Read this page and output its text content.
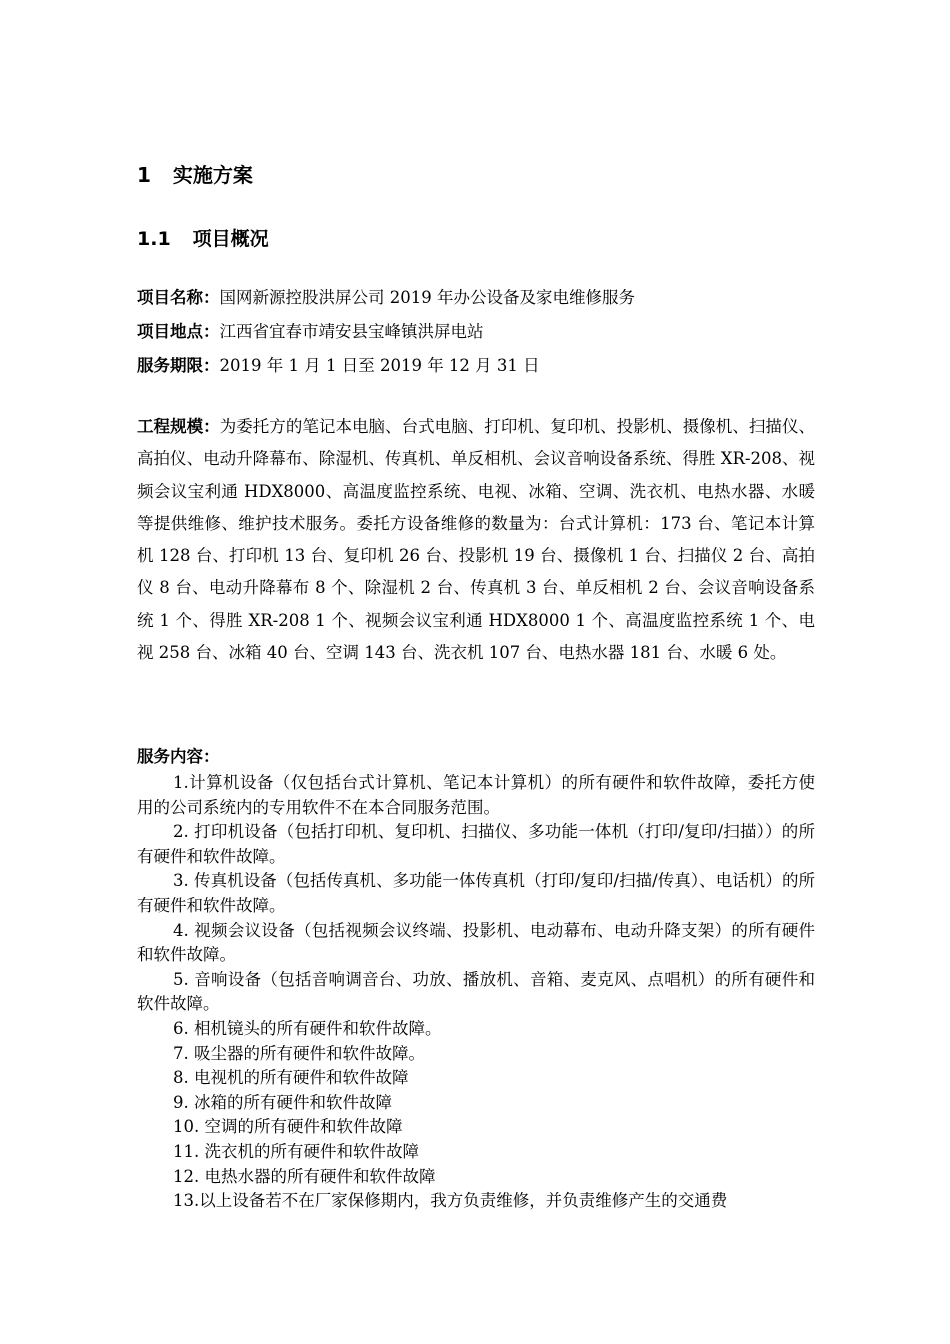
1 实施方案
1.1 项目概况
项目名称：国网新源控股洪屏公司 2019 年办公设备及家电维修服务
项目地点：江西省宜春市靖安县宝峰镇洪屏电站
服务期限：2019 年 1 月 1 日至 2019 年 12 月 31 日
工程规模：为委托方的笔记本电脑、台式电脑、打印机、复印机、投影机、摄像机、扫描仪、高拍仪、电动升降幕布、除湿机、传真机、单反相机、会议音响设备系统、得胜 XR-208、视频会议宝利通 HDX8000、高温度监控系统、电视、冰箱、空调、洗衣机、电热水器、水暖等提供维修、维护技术服务。委托方设备维修的数量为：台式计算机：173 台、笔记本计算机 128 台、打印机 13 台、复印机 26 台、投影机 19 台、摄像机 1 台、扫描仪 2 台、高拍仪 8 台、电动升降幕布 8 个、除湿机 2 台、传真机 3 台、单反相机 2 台、会议音响设备系统 1 个、得胜 XR-208 1 个、视频会议宝利通 HDX8000 1 个、高温度监控系统 1 个、电视 258 台、冰箱 40 台、空调 143 台、洗衣机 107 台、电热水器 181 台、水暖 6 处。
服务内容：
1.计算机设备（仅包括台式计算机、笔记本计算机）的所有硬件和软件故障，委托方使用的公司系统内的专用软件不在本合同服务范围。
2. 打印机设备（包括打印机、复印机、扫描仪、多功能一体机（打印/复印/扫描））的所有硬件和软件故障。
3. 传真机设备（包括传真机、多功能一体传真机（打印/复印/扫描/传真）、电话机）的所有硬件和软件故障。
4. 视频会议设备（包括视频会议终端、投影机、电动幕布、电动升降支架）的所有硬件和软件故障。
5. 音响设备（包括音响调音台、功放、播放机、音箱、麦克风、点唱机）的所有硬件和软件故障。
6. 相机镜头的所有硬件和软件故障。
7. 吸尘器的所有硬件和软件故障。
8. 电视机的所有硬件和软件故障
9. 冰箱的所有硬件和软件故障
10. 空调的所有硬件和软件故障
11. 洗衣机的所有硬件和软件故障
12. 电热水器的所有硬件和软件故障
13.以上设备若不在厂家保修期内，我方负责维修，并负责维修产生的交通费
